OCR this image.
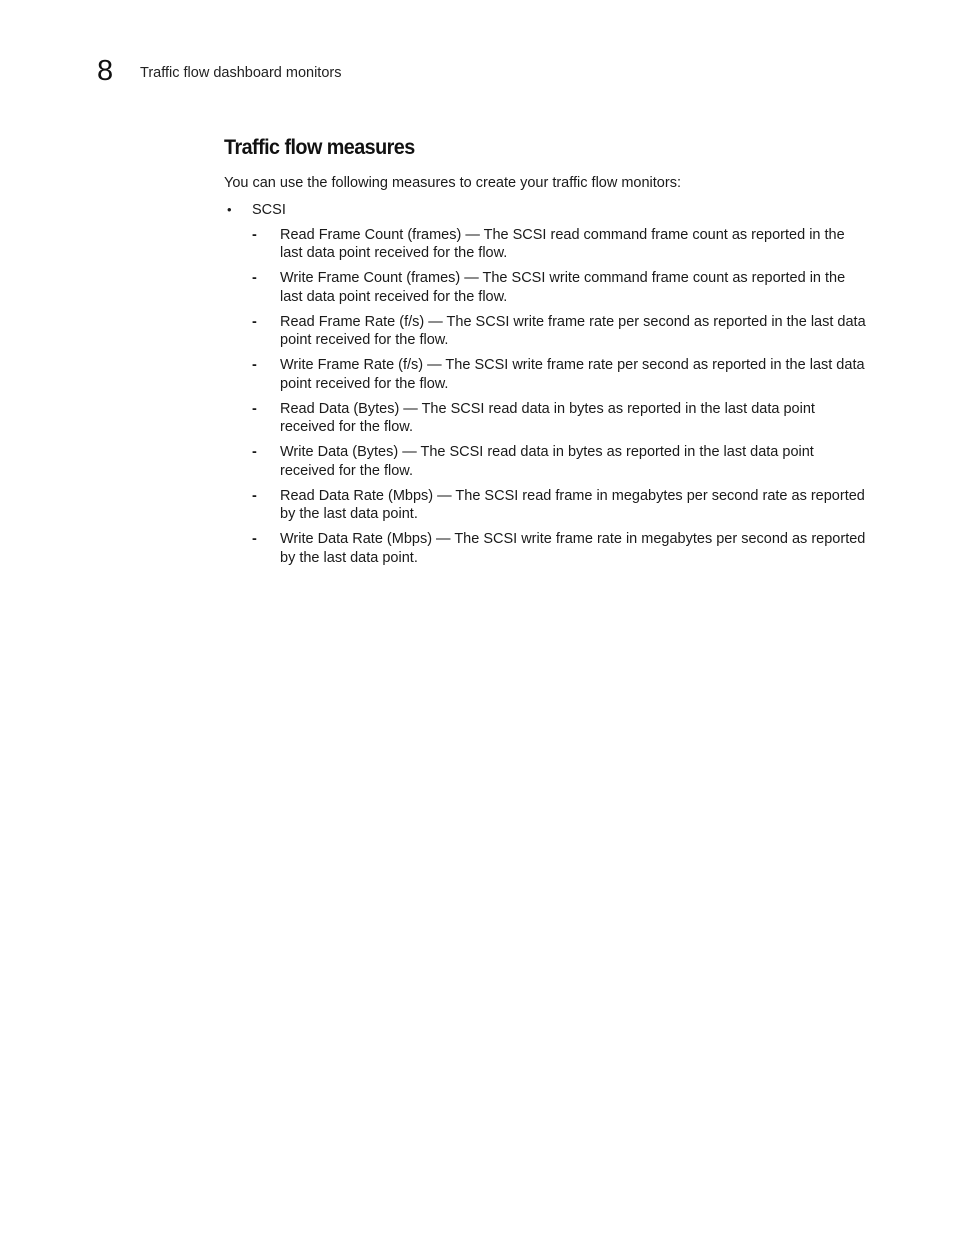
8	Traffic flow dashboard monitors
Traffic flow measures

You can use the following measures to create your traffic flow monitors:

• SCSI
- Read Frame Count (frames) — The SCSI read command frame count as reported in the last data point received for the flow.
- Write Frame Count (frames) — The SCSI write command frame count as reported in the last data point received for the flow.
- Read Frame Rate (f/s) — The SCSI write frame rate per second as reported in the last data point received for the flow.
- Write Frame Rate (f/s) — The SCSI write frame rate per second as reported in the last data point received for the flow.
- Read Data (Bytes) — The SCSI read data in bytes as reported in the last data point received for the flow.
- Write Data (Bytes) — The SCSI read data in bytes as reported in the last data point received for the flow.
- Read Data Rate (Mbps) — The SCSI read frame in megabytes per second rate as reported by the last data point.
- Write Data Rate (Mbps) — The SCSI write frame rate in megabytes per second as reported by the last data point.
